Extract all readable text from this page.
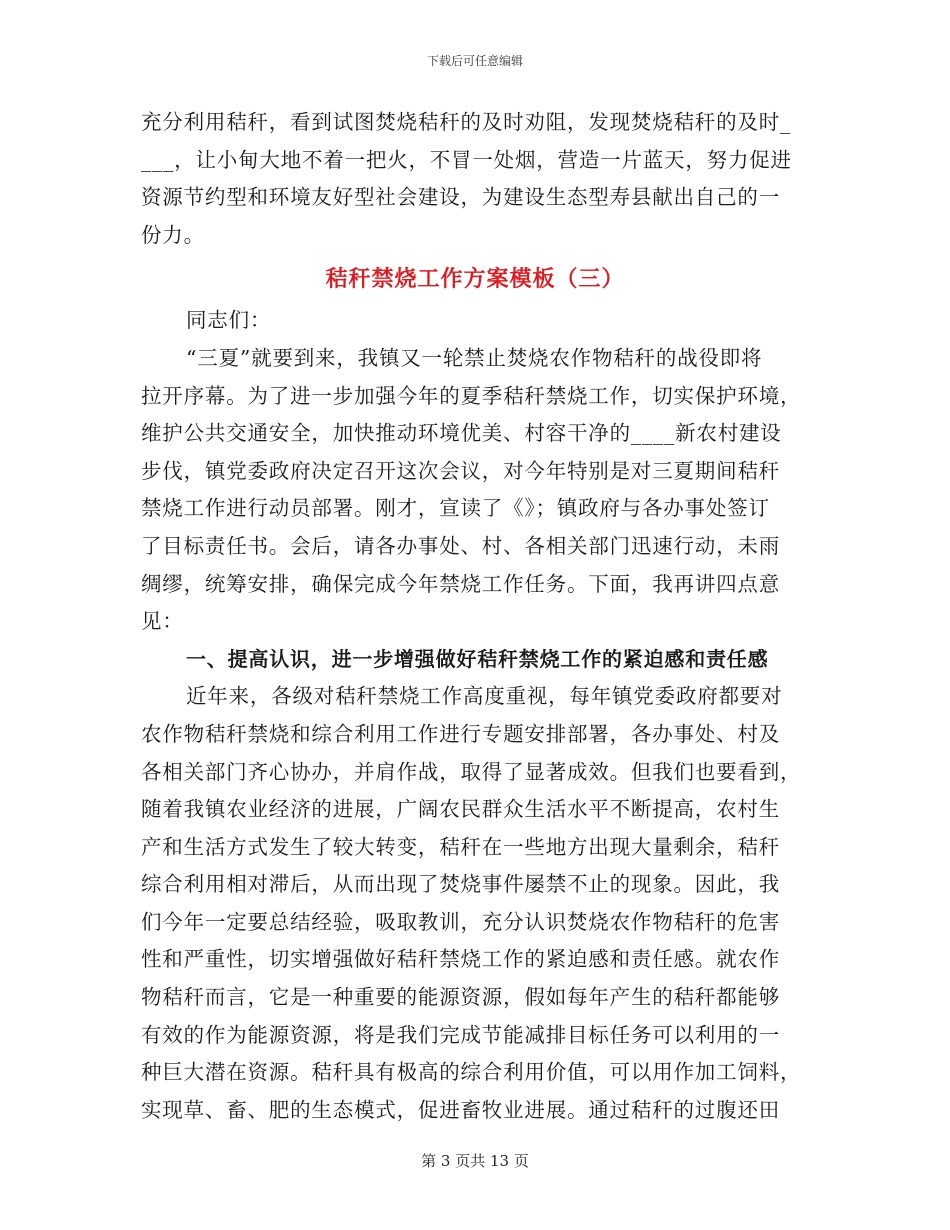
下载后可任意编辑
充分利用秸秆，看到试图焚烧秸秆的及时劝阻，发现焚烧秸秆的及时_
___，让小甸大地不着一把火，不冒一处烟，营造一片蓝天，努力促进
资源节约型和环境友好型社会建设，为建设生态型寿县献出自己的一
份力。
秸秆禁烧工作方案模板（三）
同志们：
“三夏”就要到来，我镇又一轮禁止焚烧农作物秸秆的战役即将
拉开序幕。为了进一步加强今年的夏季秸秆禁烧工作，切实保护环境，
维护公共交通安全，加快推动环境优美、村容干净的____新农村建设
步伐，镇党委政府决定召开这次会议，对今年特别是对三夏期间秸秆
禁烧工作进行动员部署。刚才，宣读了《》；镇政府与各办事处签订
了目标责任书。会后，请各办事处、村、各相关部门迅速行动，未雨
绸缪，统筹安排，确保完成今年禁烧工作任务。下面，我再讲四点意
见：
一、提高认识，进一步增强做好秸秆禁烧工作的紧迫感和责任感
近年来，各级对秸秆禁烧工作高度重视，每年镇党委政府都要对
农作物秸秆禁烧和综合利用工作进行专题安排部署，各办事处、村及
各相关部门齐心协办，并肩作战，取得了显著成效。但我们也要看到，
随着我镇农业经济的进展，广阔农民群众生活水平不断提高，农村生
产和生活方式发生了较大转变，秸秆在一些地方出现大量剩余，秸秆
综合利用相对滞后，从而出现了焚烧事件屡禁不止的现象。因此，我
们今年一定要总结经验，吸取教训，充分认识焚烧农作物秸秆的危害
性和严重性，切实增强做好秸秆禁烧工作的紧迫感和责任感。就农作
物秸秆而言，它是一种重要的能源资源，假如每年产生的秸秆都能够
有效的作为能源资源，将是我们完成节能减排目标任务可以利用的一
种巨大潜在资源。秸秆具有极高的综合利用价值，可以用作加工饲料，
实现草、畜、肥的生态模式，促进畜牧业进展。通过秸秆的过腹还田
第 3 页共 13 页
